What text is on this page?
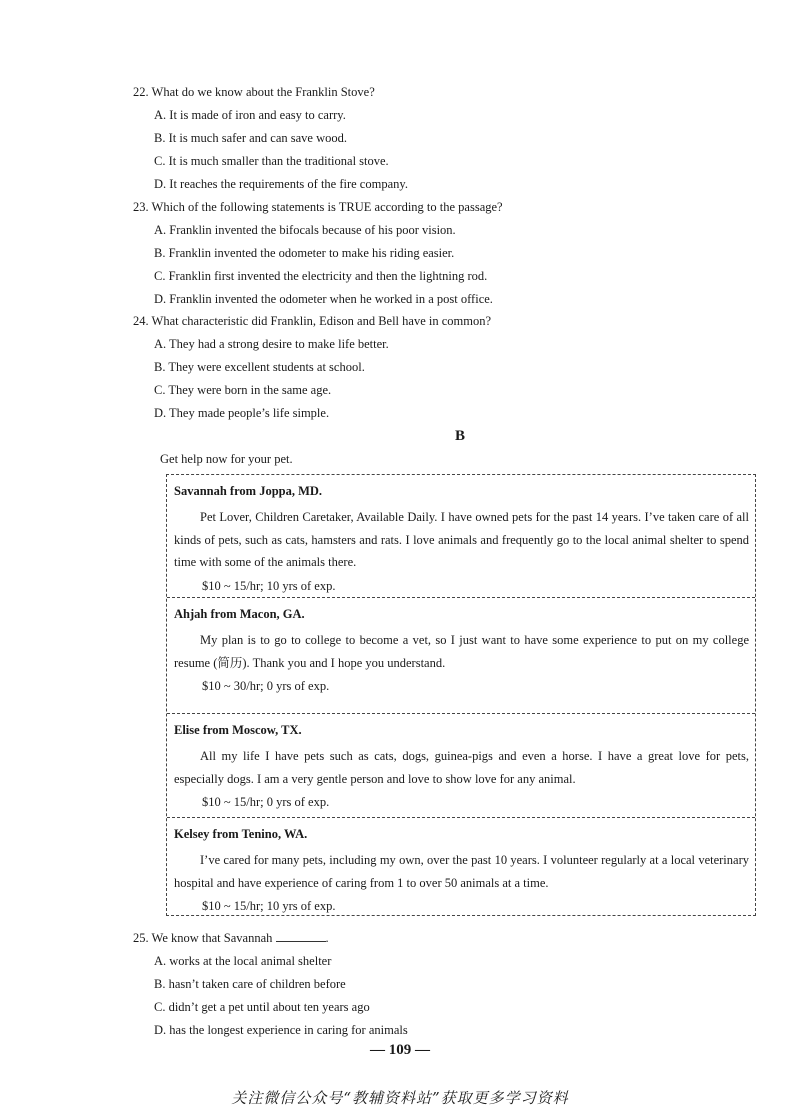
22. What do we know about the Franklin Stove?

A. It is made of iron and easy to carry.

B. It is much safer and can save wood.

C. It is much smaller than the traditional stove.

D. It reaches the requirements of the fire company.

23. Which of the following statements is TRUE according to the passage?

A. Franklin invented the bifocals because of his poor vision.

B. Franklin invented the odometer to make his riding easier.

C. Franklin first invented the electricity and then the lightning rod.

D. Franklin invented the odometer when he worked in a post office.

24. What characteristic did Franklin, Edison and Bell have in common?

A. They had a strong desire to make life better.

B. They were excellent students at school.

C. They were born in the same age.

D. They made people’s life simple.

B
Get help now for your pet.

Savannah from Joppa, MD.

Pet Lover, Children Caretaker, Available Daily. I have owned pets for the past 14 years. I’ve taken care of all kinds of pets, such as cats, hamsters and rats. I love animals and frequently go to the local animal shelter to spend time with some of the animals there.

$10 ~ 15/hr; 10 yrs of exp.

Ahjah from Macon, GA.

My plan is to go to college to become a vet, so I just want to have some experience to put on my college resume (简历). Thank you and I hope you understand.

$10 ~ 30/hr; 0 yrs of exp.

Elise from Moscow, TX.

All my life I have pets such as cats, dogs, guinea-pigs and even a horse. I have a great love for pets, especially dogs. I am a very gentle person and love to show love for any animal.

$10 ~ 15/hr; 0 yrs of exp.

Kelsey from Tenino, WA.

I’ve cared for many pets, including my own, over the past 10 years. I volunteer regularly at a local veterinary hospital and have experience of caring from 1 to over 50 animals at a time.

$10 ~ 15/hr; 10 yrs of exp.

25. We know that Savannah	.

A. works at the local animal shelter

B. hasn’t taken care of children before

C. didn’t get a pet until about ten years ago

D. has the longest experience in caring for animals

— 109 —
关注微信公众号“教辅资料站”获取更多学习资料
